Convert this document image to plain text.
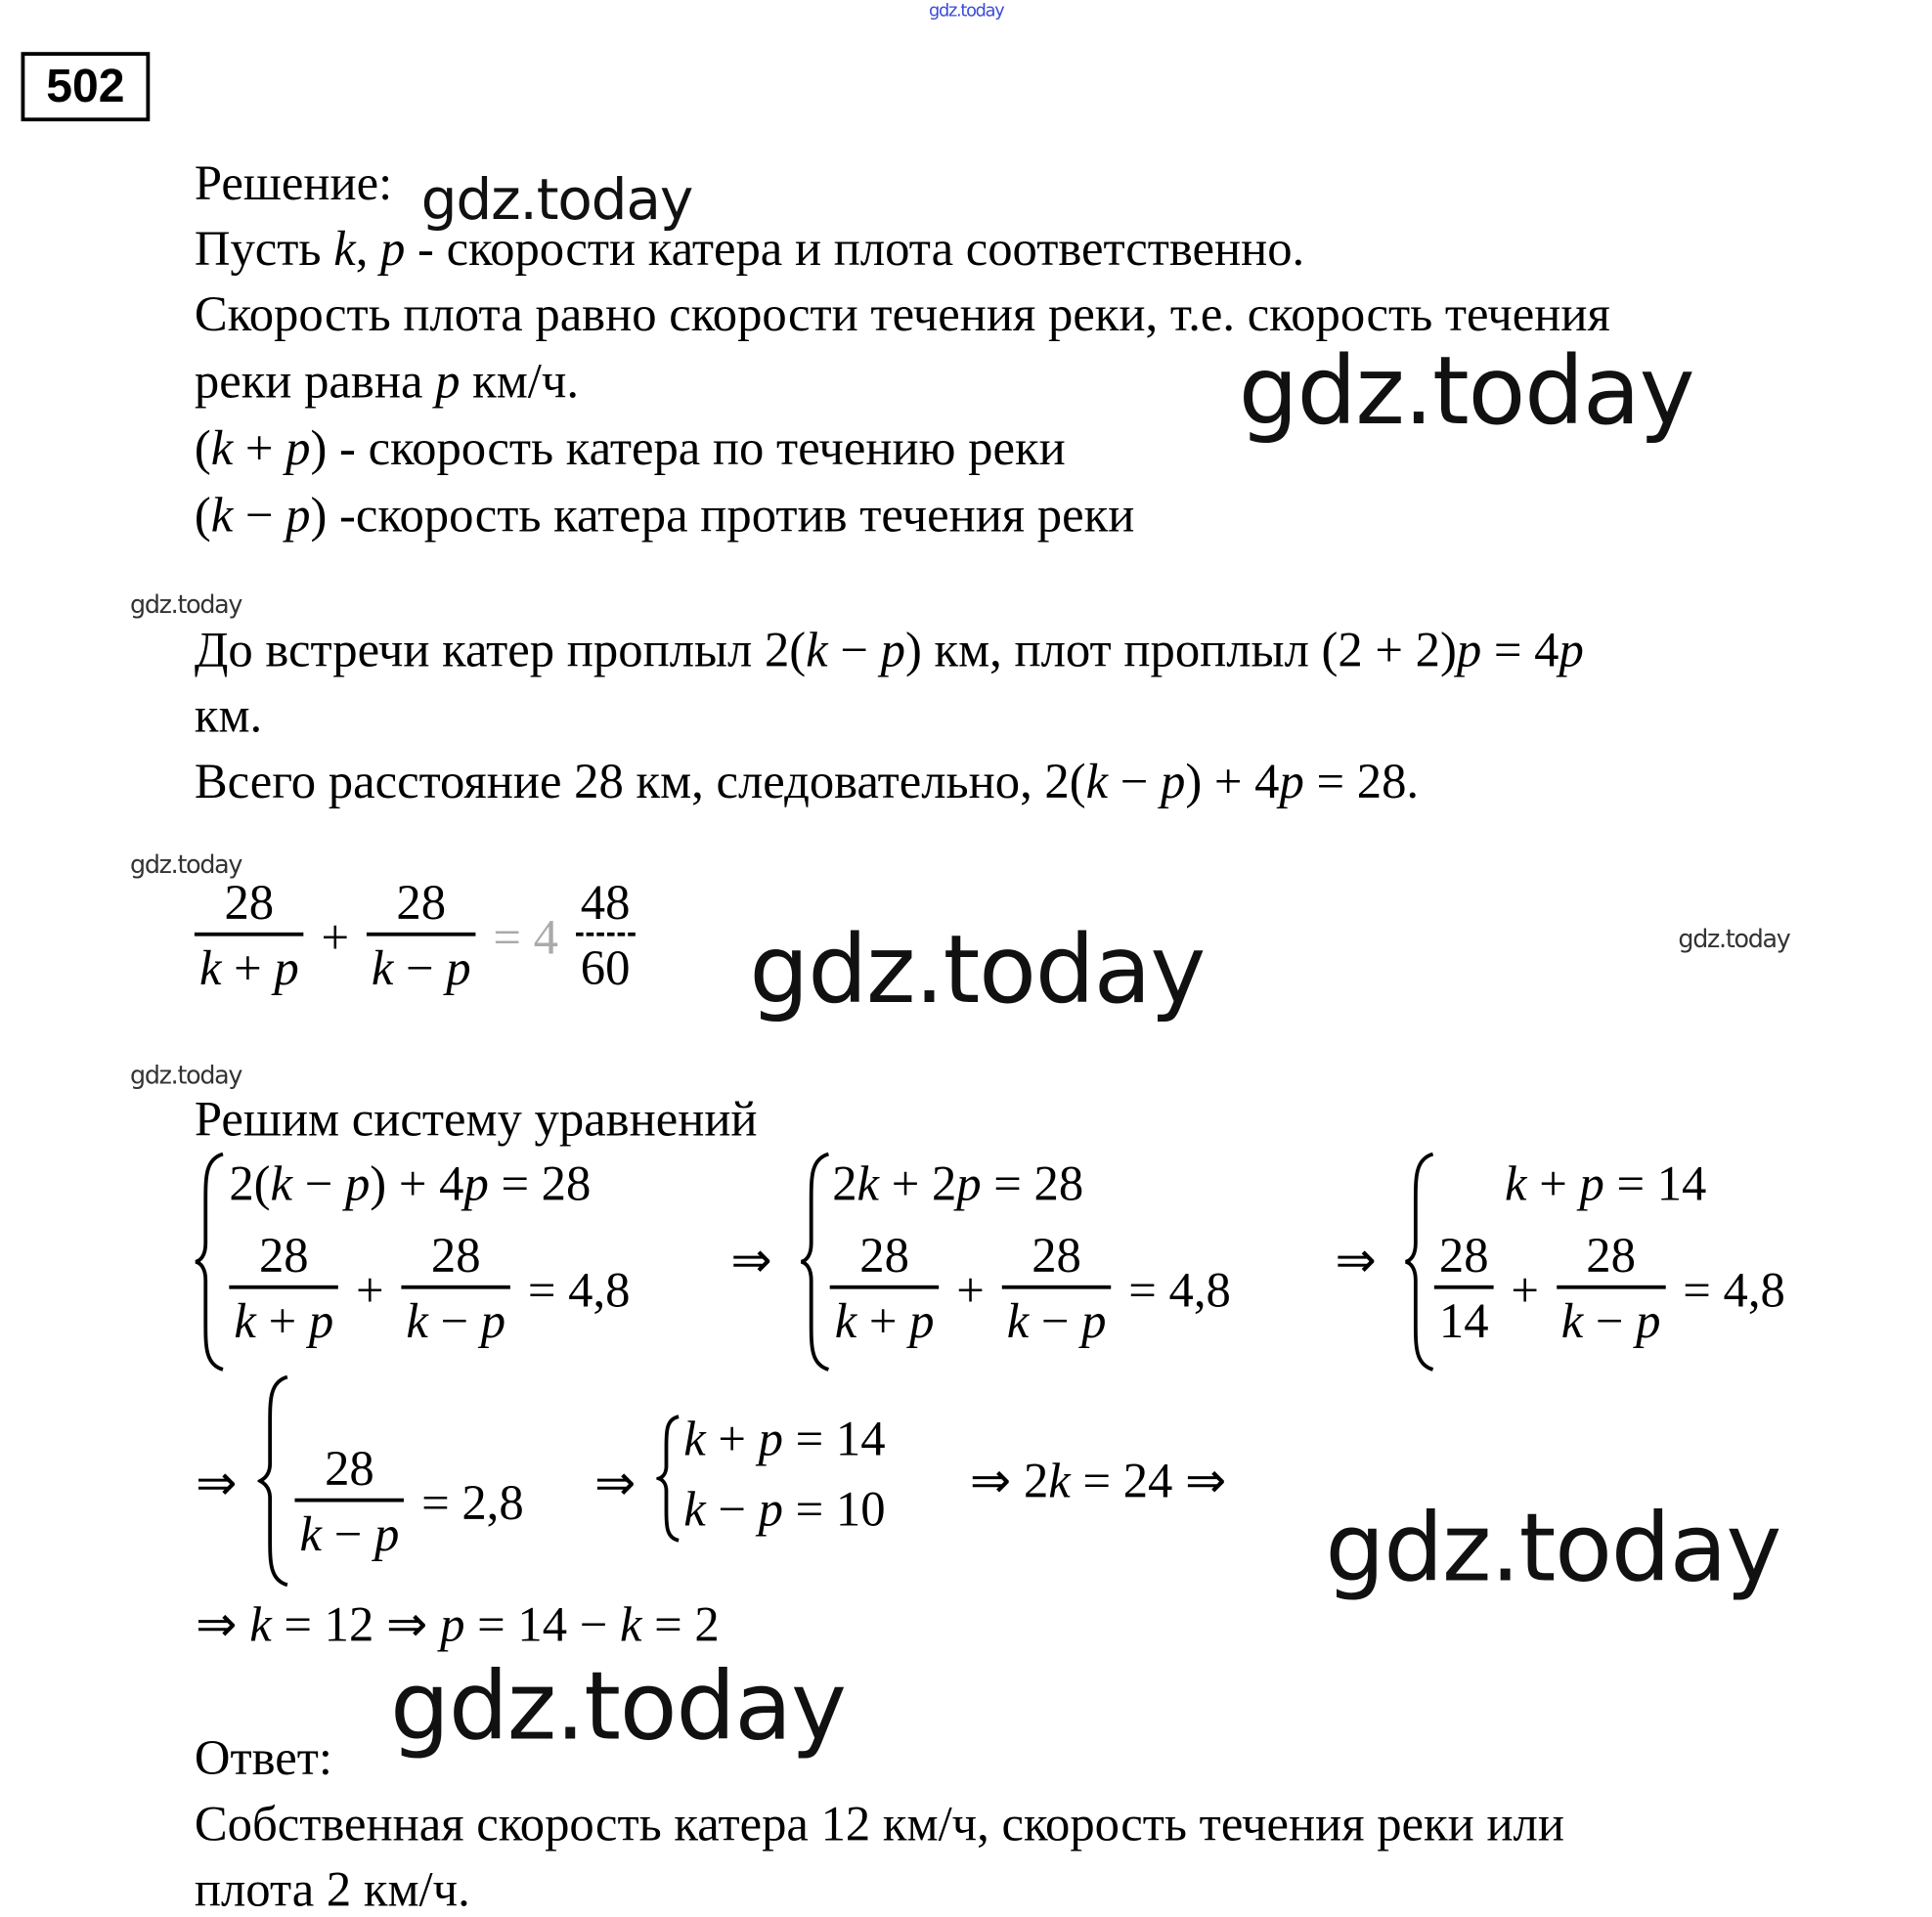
gdz.today
502
Решение: gdz.today
Пусть k, p - скорости катера и плота соответственно.
Скорость плота равно скорости течения реки, т.е. скорость течения
реки равна p км/ч.	gdz.today
(k + p) - скорость катера по течению реки
(k − p) -скорость катера против течения реки
gdz.today
До встречи катер проплыл 2(k − p) км, плот проплыл (2 + 2)p = 4p
км.
Всего расстояние 28 км, следовательно, 2(k − p) + 4p = 28.
gdz.today
$\frac{28}{k + p} + \frac{28}{k - p} = 4 \frac{48}{60}$ gdz.today	gdz.today
gdz.today
Решим систему уравнений
2(k − p) + 4p = 28
$\frac{28}{k + p} + \frac{28}{k - p} = 4,8$
⇒
2k + 2p = 28
$\frac{28}{k + p} + \frac{28}{k - p} = 4,8$
⇒
k + p = 14
$\frac{28}{14} + \frac{28}{k - p} = 4,8$
⇒ $\frac{28}{k - p} = 2,8$ ⇒
k + p = 14
k − p = 10
⇒ 2k = 24 ⇒
gdz.today
⇒ k = 12 ⇒ p = 14 − k = 2
gdz.today
Ответ:
Собственная скорость катера 12 км/ч, скорость течения реки или
плота 2 км/ч.
